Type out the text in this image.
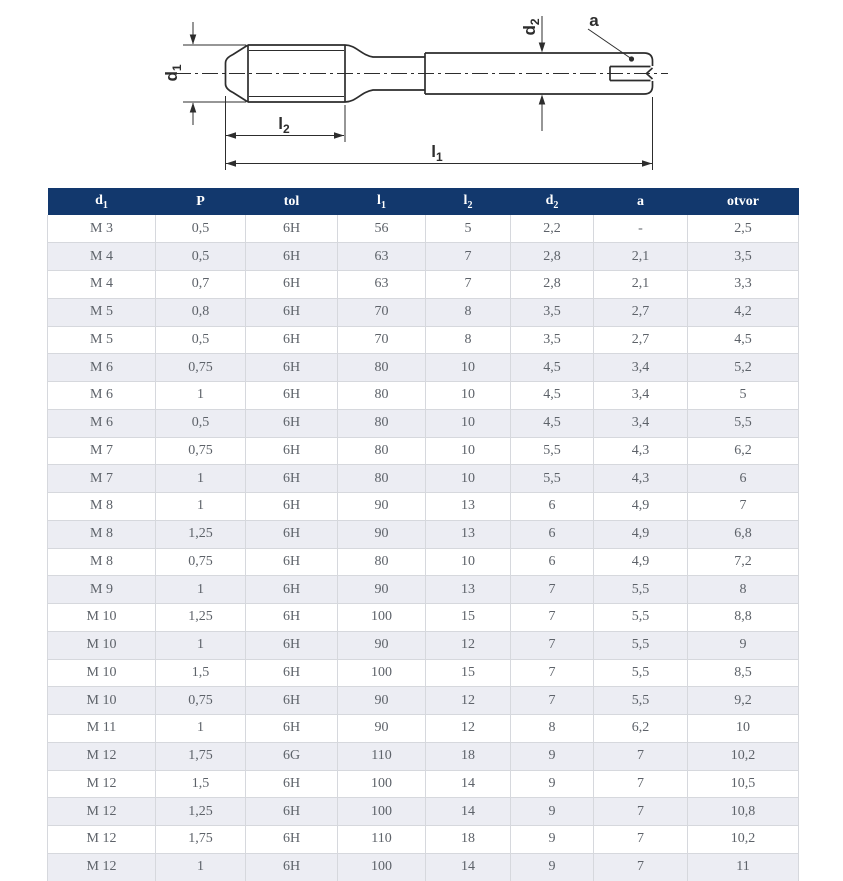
$d_1$
$d_2$
$l_2$
$l_1$
a
$d_1$	P	tol	$l_1$	$l_2$	$d_2$	a	otvor
M 3	0,5	6H	56	5	2,2	-	2,5
M 4	0,5	6H	63	7	2,8	2,1	3,5
M 4	0,7	6H	63	7	2,8	2,1	3,3
M 5	0,8	6H	70	8	3,5	2,7	4,2
M 5	0,5	6H	70	8	3,5	2,7	4,5
M 6	0,75	6H	80	10	4,5	3,4	5,2
M 6	1	6H	80	10	4,5	3,4	5
M 6	0,5	6H	80	10	4,5	3,4	5,5
M 7	0,75	6H	80	10	5,5	4,3	6,2
M 7	1	6H	80	10	5,5	4,3	6
M 8	1	6H	90	13	6	4,9	7
M 8	1,25	6H	90	13	6	4,9	6,8
M 8	0,75	6H	80	10	6	4,9	7,2
M 9	1	6H	90	13	7	5,5	8
M 10	1,25	6H	100	15	7	5,5	8,8
M 10	1	6H	90	12	7	5,5	9
M 10	1,5	6H	100	15	7	5,5	8,5
M 10	0,75	6H	90	12	7	5,5	9,2
M 11	1	6H	90	12	8	6,2	10
M 12	1,75	6G	110	18	9	7	10,2
M 12	1,5	6H	100	14	9	7	10,5
M 12	1,25	6H	100	14	9	7	10,8
M 12	1,75	6H	110	18	9	7	10,2
M 12	1	6H	100	14	9	7	11
